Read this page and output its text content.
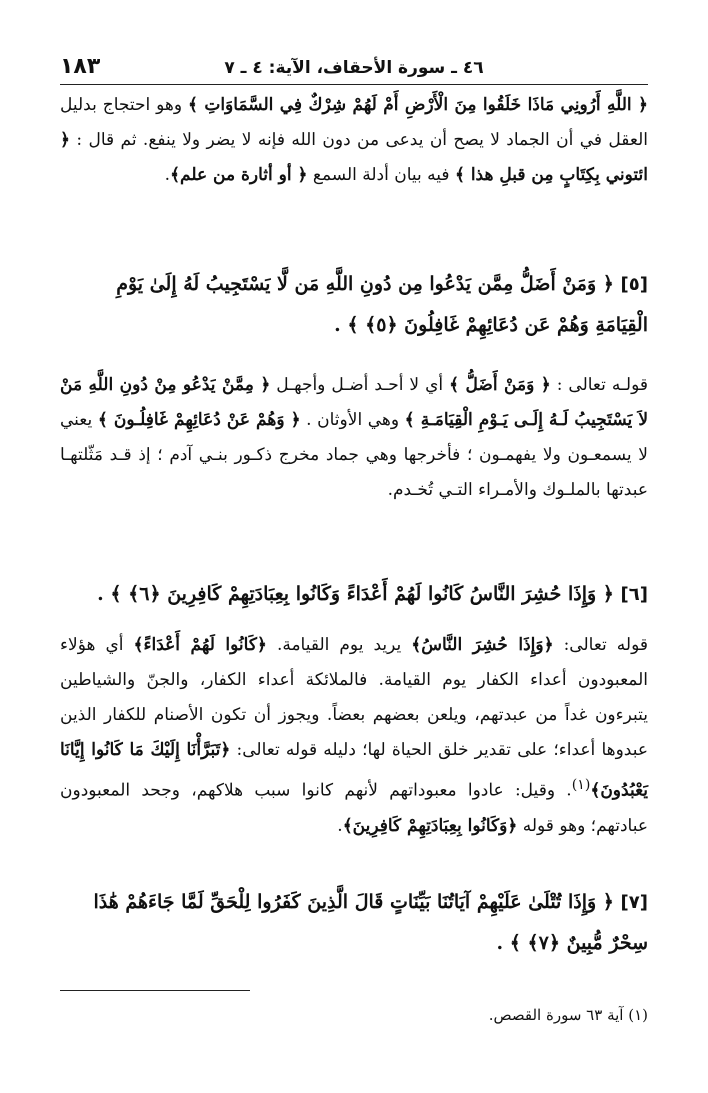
١٨٣	٤٦ ـ سورة الأحقاف، الآية: ٤ ـ ٧
﴿ اللَّهِ أَرُونِي مَاذَا خَلَقُوا مِنَ الْأَرْضِ أَمْ لَهُمْ شِرْكٌ فِي السَّمَاوَاتِ ﴾ وهو احتجاج بدليل العقل في أن الجماد لا يصح أن يدعى من دون الله فإنه لا يضر ولا ينفع. ثم قال : ﴿ ائتوني بِكِتَابٍ مِن قبلِ هذا ﴾ فيه بيان أدلة السمع ﴿ أو أثارة من علم﴾.
[٥] ﴿ وَمَنْ أَضَلُّ مِمَّن يَدْعُوا مِن دُونِ اللَّهِ مَن لَّا يَسْتَجِيبُ لَهُ إِلَىٰ يَوْمِ الْقِيَامَةِ وَهُمْ عَن دُعَائِهِمْ غَافِلُونَ ﴿٥﴾ ﴾ .
قولـه تعالى : ﴿ وَمَنْ أَضَلُّ ﴾ أي لا أحـد أضـل وأجهـل ﴿ مِمَّنْ يَدْعُو مِنْ دُونِ اللَّهِ مَنْ لاَ يَسْتَجِيبُ لَـهُ إِلَـى يَـوْمِ الْقِيَامَـةِ ﴾ وهي الأوثان . ﴿ وَهُمْ عَنْ دُعَائِهِمْ غَافِلُـونَ ﴾ يعني لا يسمعـون ولا يفهمـون ؛ فأخرجها وهي جماد مخرج ذكـور بنـي آدم ؛ إذ قـد مَثّلتهـا عبدتها بالملـوك والأمـراء التـي تُخـدم.
[٦] ﴿ وَإِذَا حُشِرَ النَّاسُ كَانُوا لَهُمْ أَعْدَاءً وَكَانُوا بِعِبَادَتِهِمْ كَافِرِينَ ﴿٦﴾ ﴾ .
قوله تعالى: ﴿وَإِذَا حُشِرَ النَّاسُ﴾ يريد يوم القيامة. ﴿كَانُوا لَهُمْ أَعْدَاءً﴾ أي هؤلاء المعبودون أعداء الكفار يوم القيامة. فالملائكة أعداء الكفار، والجنّ والشياطين يتبرءون غداً من عبدتهم، ويلعن بعضهم بعضاً. ويجوز أن تكون الأصنام للكفار الذين عبدوها أعداء؛ على تقدير خلق الحياة لها؛ دليله قوله تعالى: ﴿تَبَرَّأْنَا إِلَيْكَ مَا كَانُوا إِيَّانَا يَعْبُدُونَ﴾$^{(١)}$. وقيل: عادوا معبوداتهم لأنهم كانوا سبب هلاكهم، وجحد المعبودون عبادتهم؛ وهو قوله ﴿وَكَانُوا بِعِبَادَتِهِمْ كَافِرِينَ﴾.
[٧] ﴿ وَإِذَا تُتْلَىٰ عَلَيْهِمْ آيَاتُنَا بَيِّنَاتٍ قَالَ الَّذِينَ كَفَرُوا لِلْحَقِّ لَمَّا جَاءَهُمْ هَٰذَا سِحْرٌ مُّبِينٌ ﴿٧﴾ ﴾ .
(١) آية ٦٣ سورة القصص.
